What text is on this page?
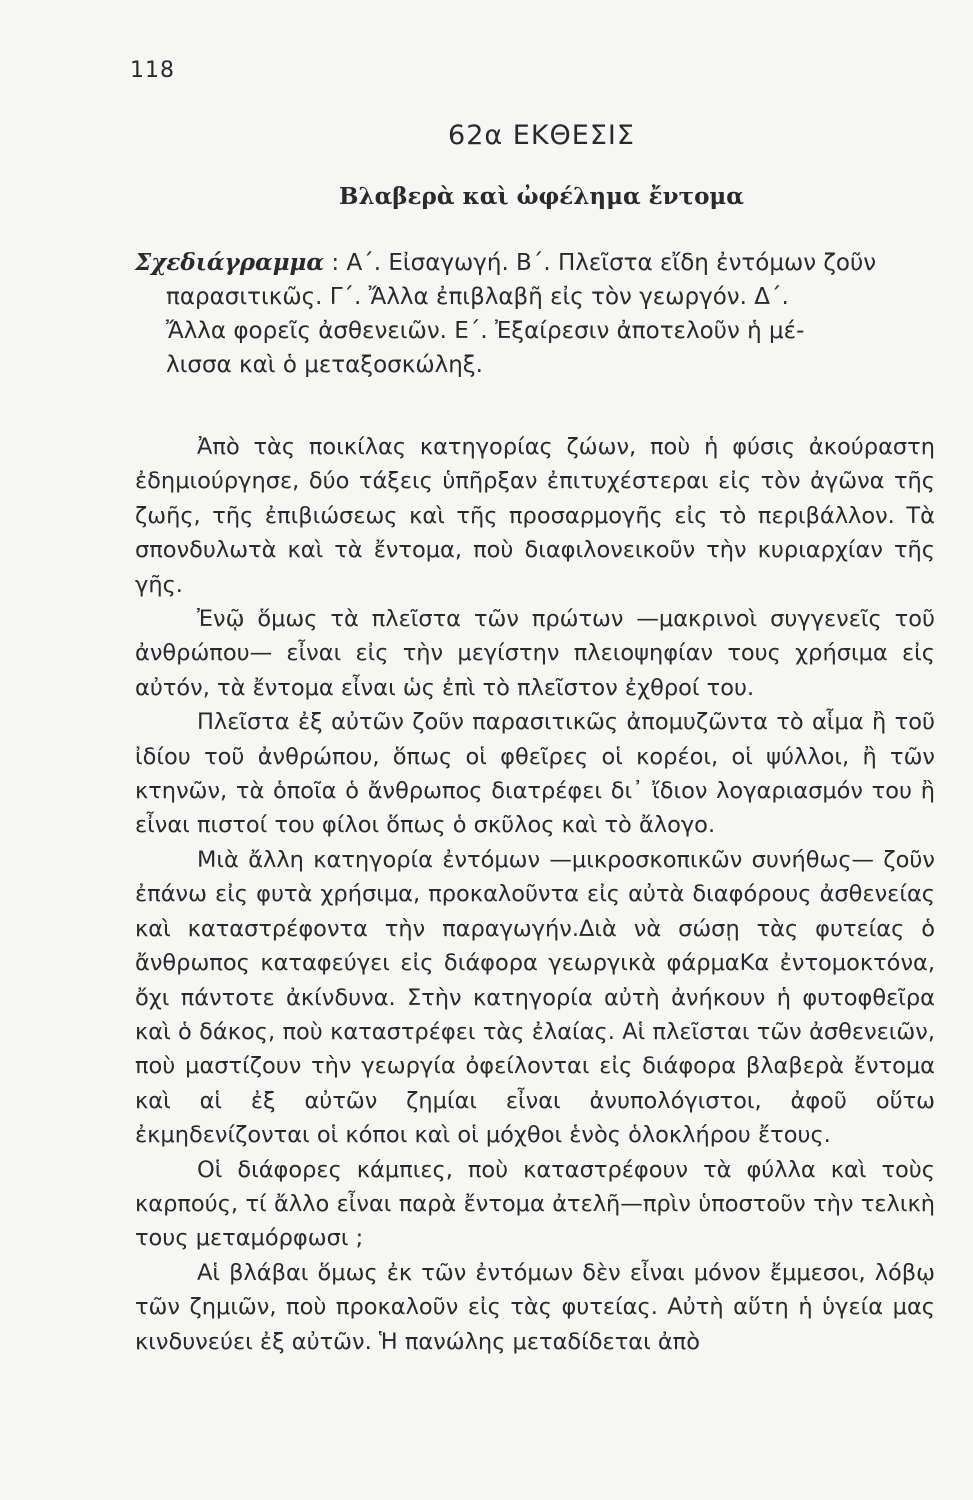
118
62α ΕΚΘΕΣΙΣ
Βλαβερὰ καὶ ὠφέλημα ἔντομα
Σχεδιάγραμμα : Α΄. Εἰσαγωγή. Β΄. Πλεῖστα εἴδη ἐντόμων ζοῦν
παρασιτικῶς. Γ΄. Ἄλλα ἐπιβλαβῆ εἰς τὸν γεωργόν. Δ΄.
Ἄλλα φορεῖς ἀσθενειῶν. Ε΄. Ἐξαίρεσιν ἀποτελοῦν ἡ μέ-
λισσα καὶ ὁ μεταξοσκώληξ.

Ἀπὸ τὰς ποικίλας κατηγορίας ζώων, ποὺ ἡ φύσις ἀκούραστη ἐδημιούργησε, δύο τάξεις ὑπῆρξαν ἐπιτυχέστεραι εἰς τὸν ἀγῶνα τῆς ζωῆς, τῆς ἐπιβιώσεως καὶ τῆς προσαρμογῆς εἰς τὸ περιβάλλον. Τὰ σπονδυλωτὰ καὶ τὰ ἔντομα, ποὺ διαφιλονεικοῦν τὴν κυριαρχίαν τῆς γῆς.

Ἐνῷ ὅμως τὰ πλεῖστα τῶν πρώτων —μακρινοὶ συγγενεῖς τοῦ ἀνθρώπου— εἶναι εἰς τὴν μεγίστην πλειοψηφίαν τους χρήσιμα εἰς αὐτόν, τὰ ἔντομα εἶναι ὡς ἐπὶ τὸ πλεῖστον ἐχθροί του.

Πλεῖστα ἐξ αὐτῶν ζοῦν παρασιτικῶς ἀπομυζῶντα τὸ αἷμα ἢ τοῦ ἰδίου τοῦ ἀνθρώπου, ὅπως οἱ φθεῖρες οἱ κορέοι, οἱ ψύλλοι, ἢ τῶν κτηνῶν, τὰ ὁποῖα ὁ ἄνθρωπος διατρέφει δι᾽ ἴδιον λογαριασμόν του ἢ εἶναι πιστοί του φίλοι ὅπως ὁ σκῦλος καὶ τὸ ἄλογο.

Μιὰ ἄλλη κατηγορία ἐντόμων —μικροσκοπικῶν συνήθως— ζοῦν ἐπάνω εἰς φυτὰ χρήσιμα, προκαλοῦντα εἰς αὐτὰ διαφόρους ἀσθενείας καὶ καταστρέφοντα τὴν παραγωγήν.Διὰ νὰ σώσῃ τὰς φυτείας ὁ ἄνθρωπος καταφεύγει εἰς διάφορα γεωργικὰ φάρμαΚα ἐντομοκτόνα, ὄχι πάντοτε ἀκίνδυνα. Στὴν κατηγορία αὐτὴ ἀνήκουν ἡ φυτοφθεῖρα καὶ ὁ δάκος, ποὺ καταστρέφει τὰς ἐλαίας. Αἱ πλεῖσται τῶν ἀσθενειῶν, ποὺ μαστίζουν τὴν γεωργία ὀφείλονται εἰς διάφορα βλαβερὰ ἔντομα καὶ αἱ ἐξ αὐτῶν ζημίαι εἶναι ἀνυπολόγιστοι, ἀφοῦ οὕτω ἐκμηδενίζονται οἱ κόποι καὶ οἱ μόχθοι ἑνὸς ὁλοκλήρου ἔτους.

Οἱ διάφορες κάμπιες, ποὺ καταστρέφουν τὰ φύλλα καὶ τοὺς καρπούς, τί ἄλλο εἶναι παρὰ ἔντομα ἀτελῆ—πρὶν ὑποστοῦν τὴν τελικὴ τους μεταμόρφωσι ;

Αἱ βλάβαι ὅμως ἐκ τῶν ἐντόμων δὲν εἶναι μόνον ἔμμεσοι, λόβῳ τῶν ζημιῶν, ποὺ προκαλοῦν εἰς τὰς φυτείας. Αὐτὴ αὕτη ἡ ὑγεία μας κινδυνεύει ἐξ αὐτῶν. Ἡ πανώλης μεταδίδεται ἀπὸ
